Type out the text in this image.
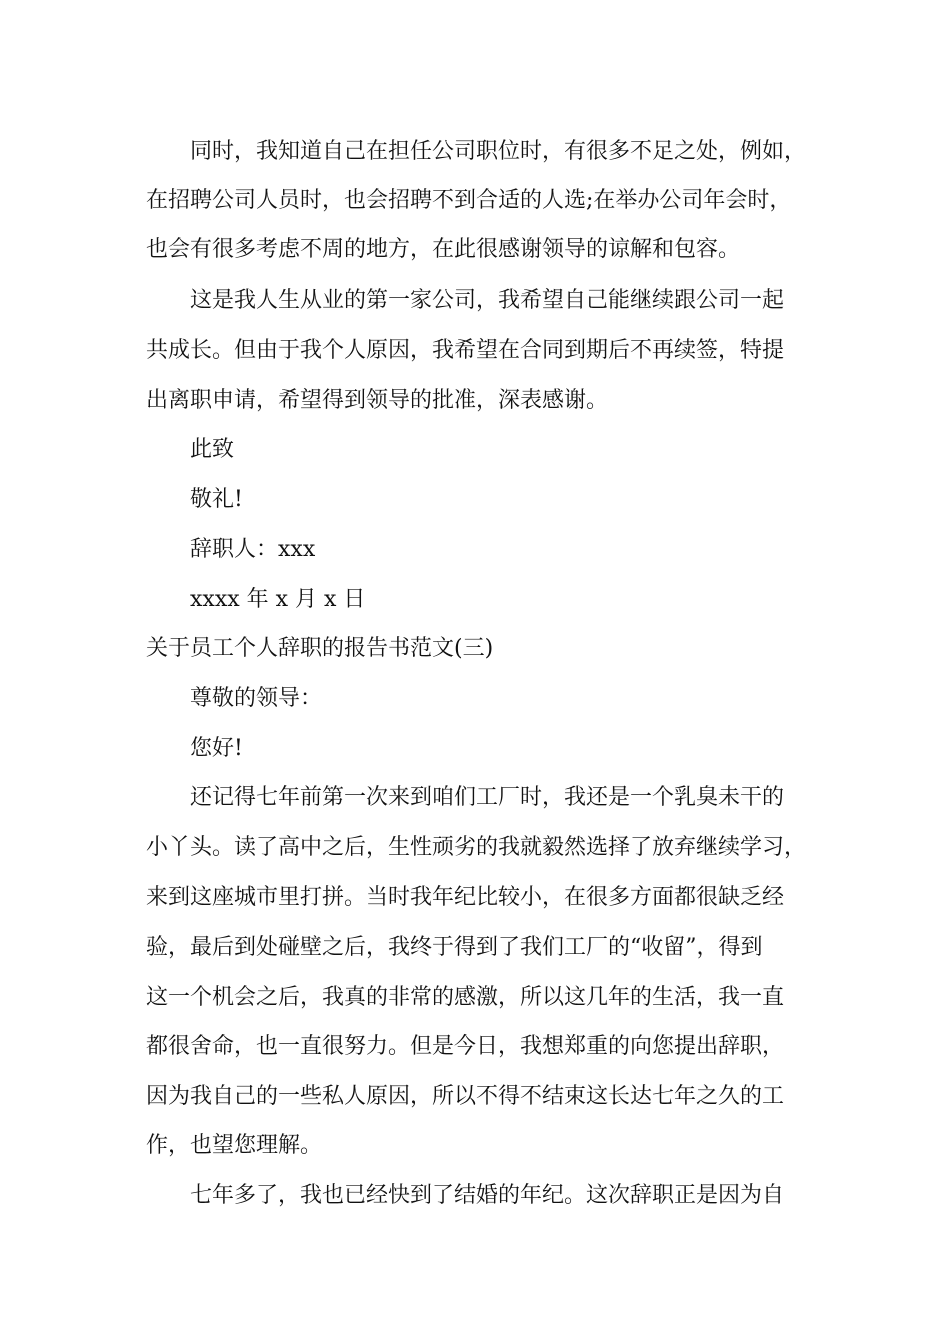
同时，我知道自己在担任公司职位时，有很多不足之处，例如，
在招聘公司人员时，也会招聘不到合适的人选;在举办公司年会时，
也会有很多考虑不周的地方，在此很感谢领导的谅解和包容。
这是我人生从业的第一家公司，我希望自己能继续跟公司一起
共成长。但由于我个人原因，我希望在合同到期后不再续签，特提
出离职申请，希望得到领导的批准，深表感谢。
此致
敬礼!
辞职人：xxx
xxxx 年 x 月 x 日
关于员工个人辞职的报告书范文(三)
尊敬的领导：
您好!
还记得七年前第一次来到咱们工厂时，我还是一个乳臭未干的
小丫头。读了高中之后，生性顽劣的我就毅然选择了放弃继续学习，
来到这座城市里打拼。当时我年纪比较小，在很多方面都很缺乏经
验，最后到处碰壁之后，我终于得到了我们工厂的“收留”，得到
这一个机会之后，我真的非常的感激，所以这几年的生活，我一直
都很舍命，也一直很努力。但是今日，我想郑重的向您提出辞职，
因为我自己的一些私人原因，所以不得不结束这长达七年之久的工
作，也望您理解。
七年多了，我也已经快到了结婚的年纪。这次辞职正是因为自
